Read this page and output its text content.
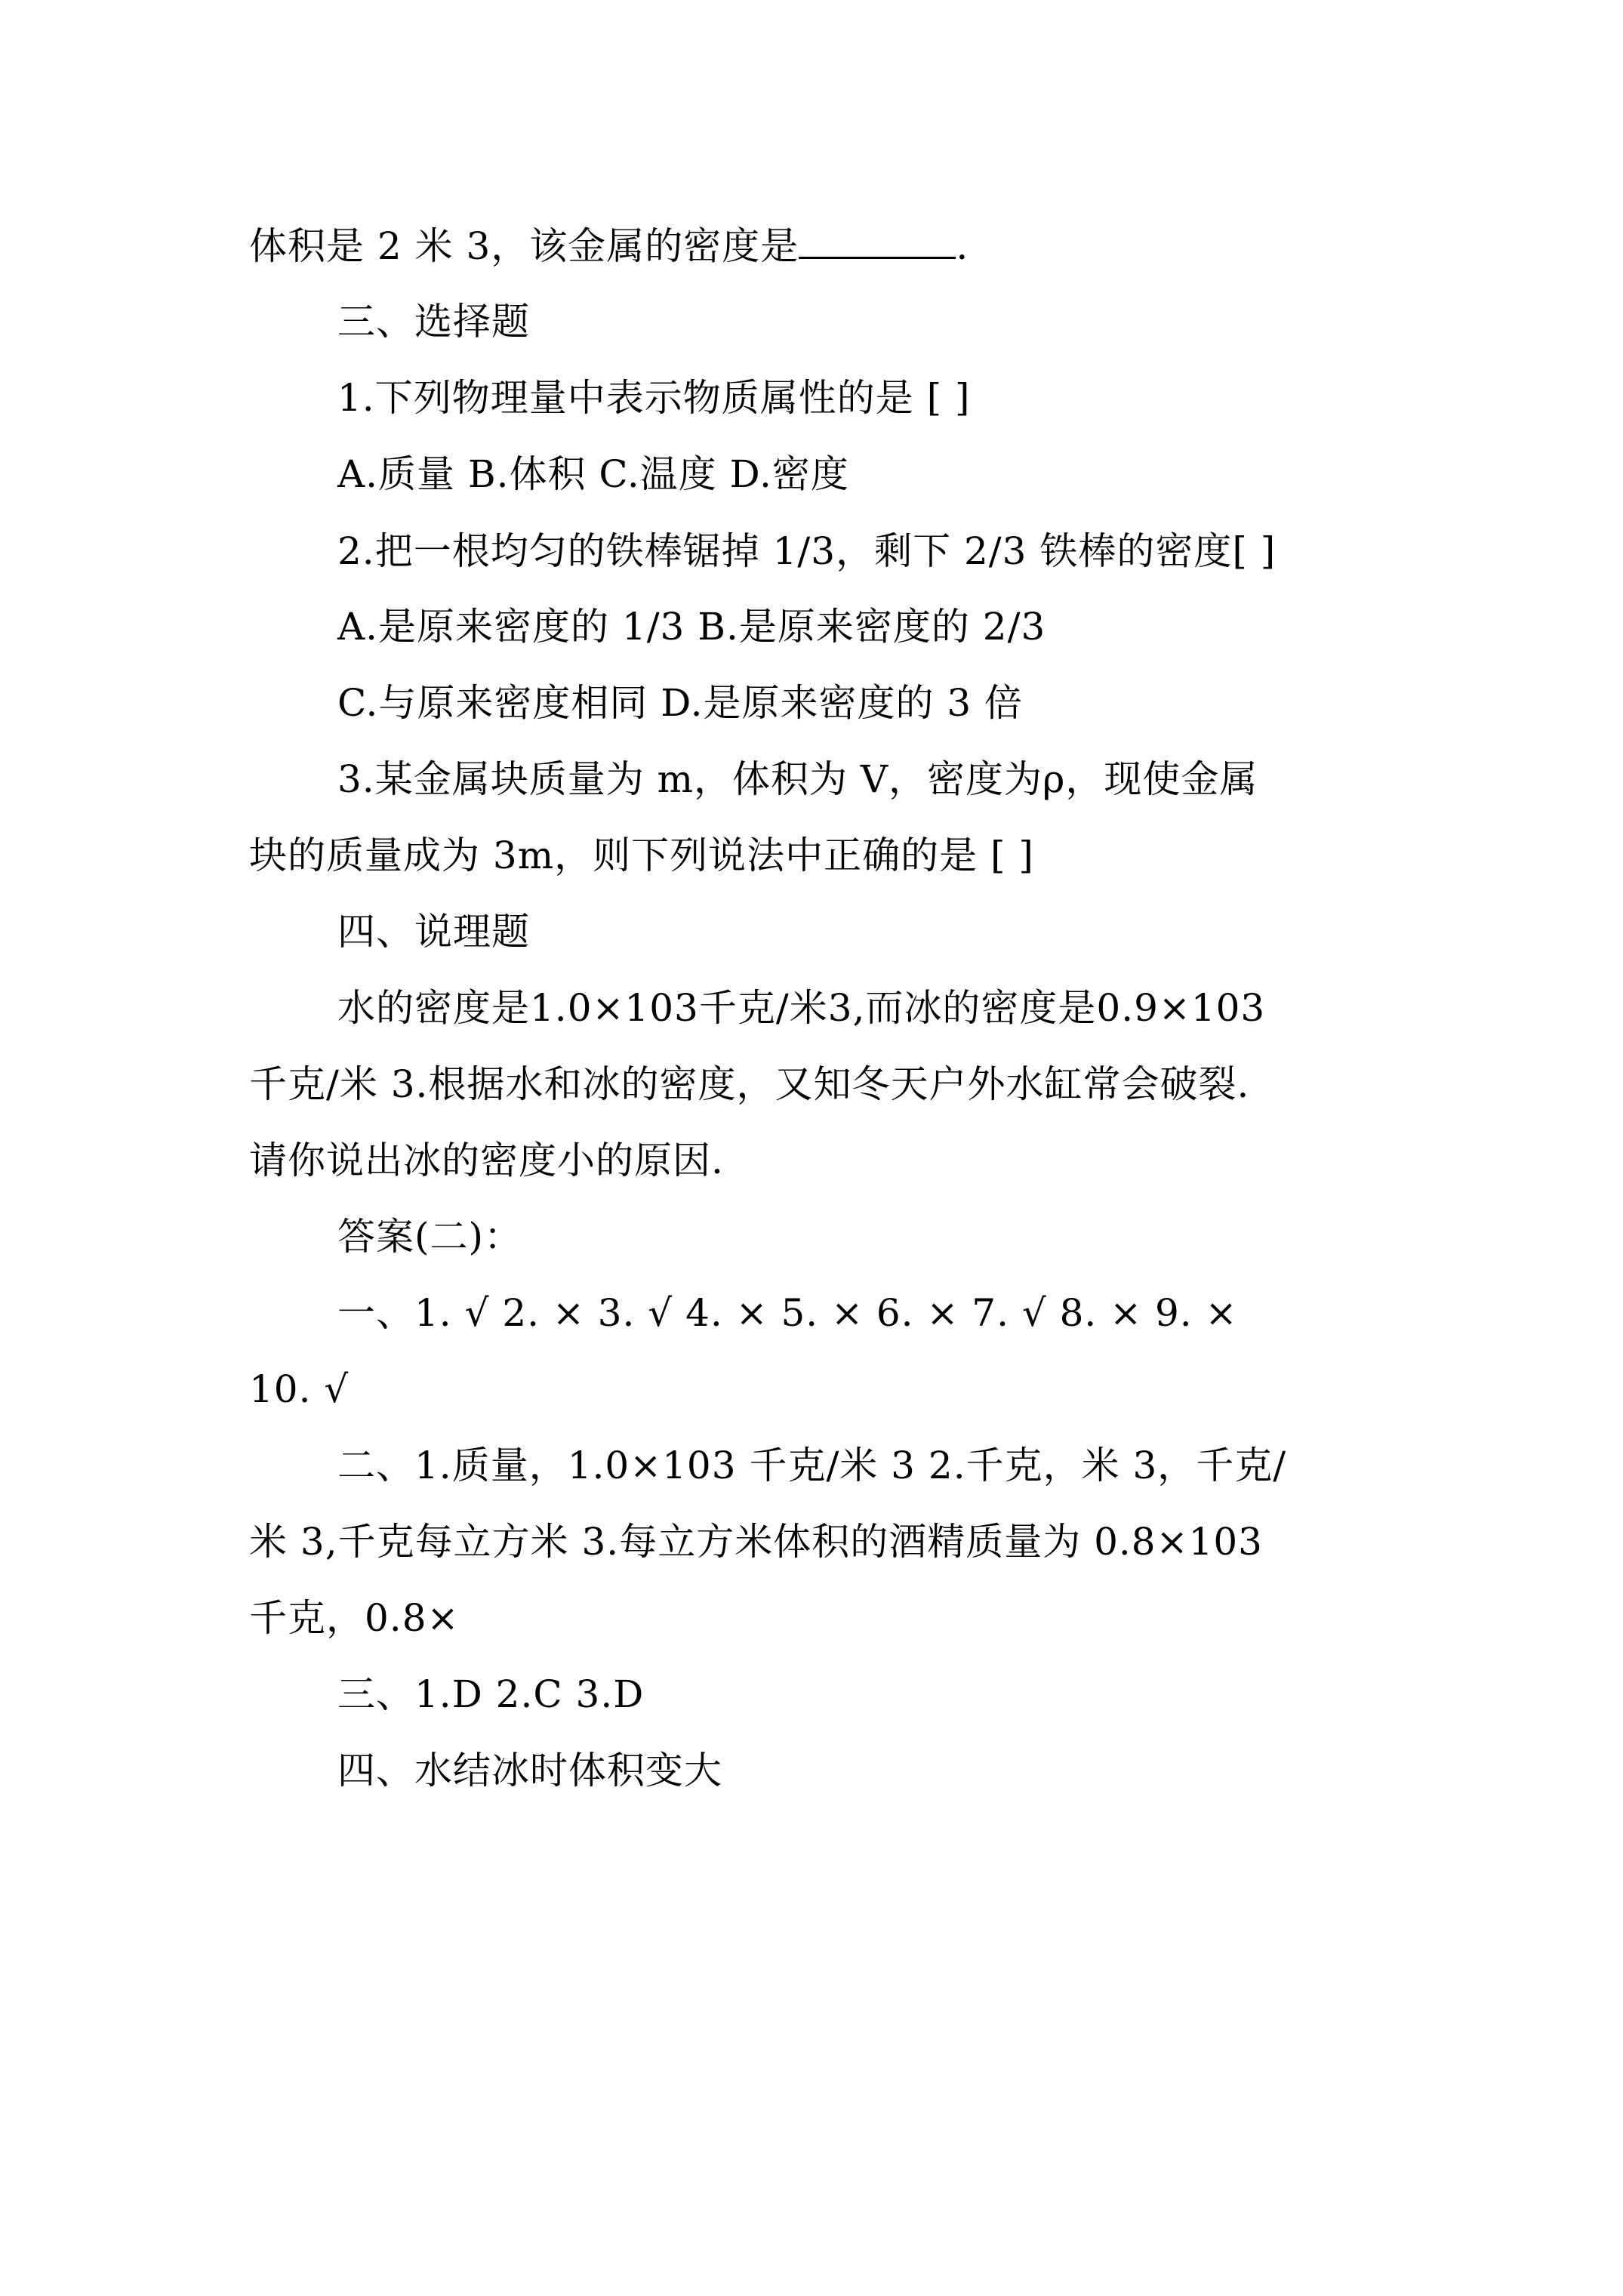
体积是 2 米 3，该金属的密度是	.
三、选择题
1.下列物理量中表示物质属性的是 [ ]
A.质量 B.体积 C.温度 D.密度
2.把一根均匀的铁棒锯掉 1/3，剩下 2/3 铁棒的密度[ ]
A.是原来密度的 1/3 B.是原来密度的 2/3
C.与原来密度相同 D.是原来密度的 3 倍
3.某金属块质量为 m，体积为 V，密度为ρ，现使金属
块的质量成为 3m，则下列说法中正确的是 [ ]
四、说理题
水的密度是1.0×103千克/米3,而冰的密度是0.9×103
千克/米 3.根据水和冰的密度，又知冬天户外水缸常会破裂.
请你说出冰的密度小的原因.
答案(二)：
一、1. √ 2. × 3. √ 4. × 5. × 6. × 7. √ 8. × 9. ×
10. √
二、1.质量，1.0×103 千克/米 3 2.千克，米 3，千克/
米 3,千克每立方米 3.每立方米体积的酒精质量为 0.8×103
千克，0.8×
三、1.D 2.C 3.D
四、水结冰时体积变大
